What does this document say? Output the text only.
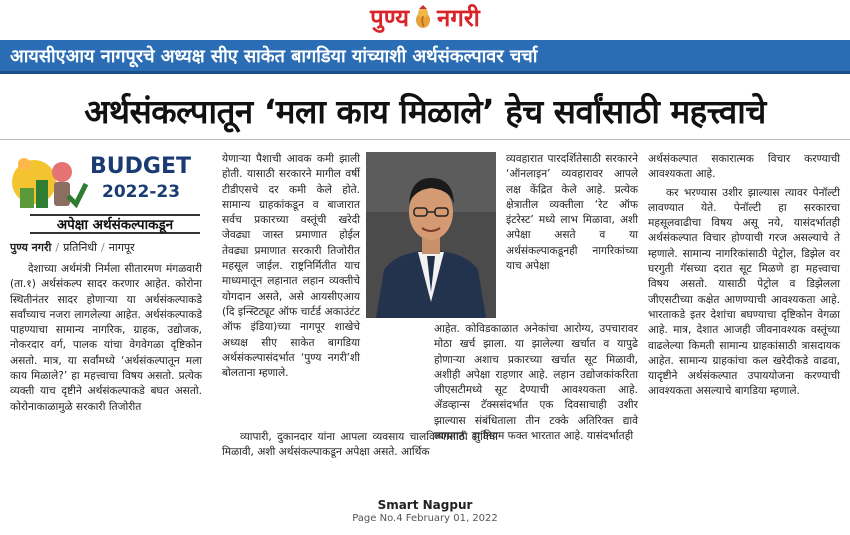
पुण्य नगरी
आयसीएआय नागपूरचे अध्यक्ष सीए साकेत बागडिया यांच्याशी अर्थसंकल्पावर चर्चा
अर्थसंकल्पातून ‘मला काय मिळाले’ हेच सर्वांसाठी महत्त्वाचे
BUDGET
2022-23
अपेक्षा अर्थसंकल्पाकडून
पुण्य नगरी / प्रतिनिधी / नागपूर

देशाच्या अर्थमंत्री निर्मला सीतारमण मंगळवारी (ता.१) अर्थसंकल्प सादर करणार आहेत. कोरोना स्थितीनंतर सादर होणाऱ्या या अर्थसंकल्पाकडे सर्वांच्याच नजरा लागलेल्या आहेत. अर्थसंकल्पाकडे पाहण्याचा सामान्य नागरिक, ग्राहक, उद्योजक, नोकरदार वर्ग, पालक यांचा वेगवेगळा दृष्टिकोन असतो. मात्र, या सर्वांमध्ये ‘अर्थसंकल्पातून मला काय मिळाले?’ हा महत्त्वाचा विषय असतो. प्रत्येक व्यक्ती याच दृष्टीने अर्थसंकल्पाकडे बघत असतो. कोरोनाकाळामुळे सरकारी तिजोरीत

येणाऱ्या पैशाची आवक कमी झाली होती. यासाठी सरकारने मागील वर्षी टीडीएसचे दर कमी केले होते. सामान्य ग्राहकांकडून व बाजारात सर्वच प्रकारच्या वस्तूंची खरेदी जेवढ्या जास्त प्रमाणात होईल तेवढ्या प्रमाणात सरकारी तिजोरीत महसूल जाईल. राष्ट्रनिर्मितीत याच माध्यमातून लहानात लहान व्यक्तीचे योगदान असते, असे आयसीएआय (दि इन्स्टिट्यूट ऑफ चार्टर्ड अकाउंटंट ऑफ इंडिया)च्या नागपूर शाखेचे अध्यक्ष सीए साकेत बागडिया अर्थसंकल्पासंदर्भात ‘पुण्य नगरी’शी बोलताना म्हणाले.

व्यापारी, दुकानदार यांना आपला व्यवसाय चालविण्यासाठी सुविधा मिळावी, अशी अर्थसंकल्पाकडून अपेक्षा असते. आर्थिक

व्यवहारात पारदर्शितेसाठी सरकारने ‘ऑनलाइन’ व्यवहारावर आपले लक्ष केंद्रित केले आहे. प्रत्येक क्षेत्रातील व्यक्तीला ‘रेट ऑफ इंटरेस्ट’ मध्ये लाभ मिळावा, अशी अपेक्षा असते व या अर्थसंकल्पाकडूनही नागरिकांच्या याच अपेक्षा

आहेत. कोविडकाळात अनेकांचा आरोग्य, उपचारावर मोठा खर्च झाला. या झालेल्या खर्चात व यापुढे होणाऱ्या अशाच प्रकारच्या खर्चात सूट मिळावी, अशीही अपेक्षा राहणार आहे. लहान उद्योजकांकरिता जीएसटीमध्ये सूट देण्याची आवश्यकता आहे. ॲडव्हान्स टॅक्ससंदर्भात एक दिवसाचाही उशीर झाल्यास संबंधिताला तीन टक्के अतिरिक्त द्यावे लागतात. हा नियम फक्त भारतात आहे. यासंदर्भातही

अर्थसंकल्पात सकारात्मक विचार करण्याची आवश्यकता आहे.

कर भरण्यास उशीर झाल्यास त्यावर पेनॉल्टी लावण्यात येते. पेनॉल्टी हा सरकारचा महसूलवाढीचा विषय असू नये, यासंदर्भातही अर्थसंकल्पात विचार होण्याची गरज असल्याचे ते म्हणाले. सामान्य नागरिकांसाठी पेट्रोल, डिझेल वर घरगुती गॅसच्या दरात सूट मिळणे हा महत्त्वाचा विषय असतो. यासाठी पेट्रोल व डिझेलला जीएसटीच्या कक्षेत आणण्याची आवश्यकता आहे. भारताकडे इतर देशांचा बघण्याचा दृष्टिकोन वेगळा आहे. मात्र, देशात आजही जीवनावश्यक वस्तूंच्या वाढलेल्या किमती सामान्य ग्राहकांसाठी त्रासदायक आहेत. सामान्य ग्राहकांचा कल खरेदीकडे वाढवा, यादृष्टीने अर्थसंकल्पात उपाययोजना करण्याची आवश्यकता असल्याचे बागडिया म्हणाले.

Smart Nagpur
Page No.4 February 01, 2022
